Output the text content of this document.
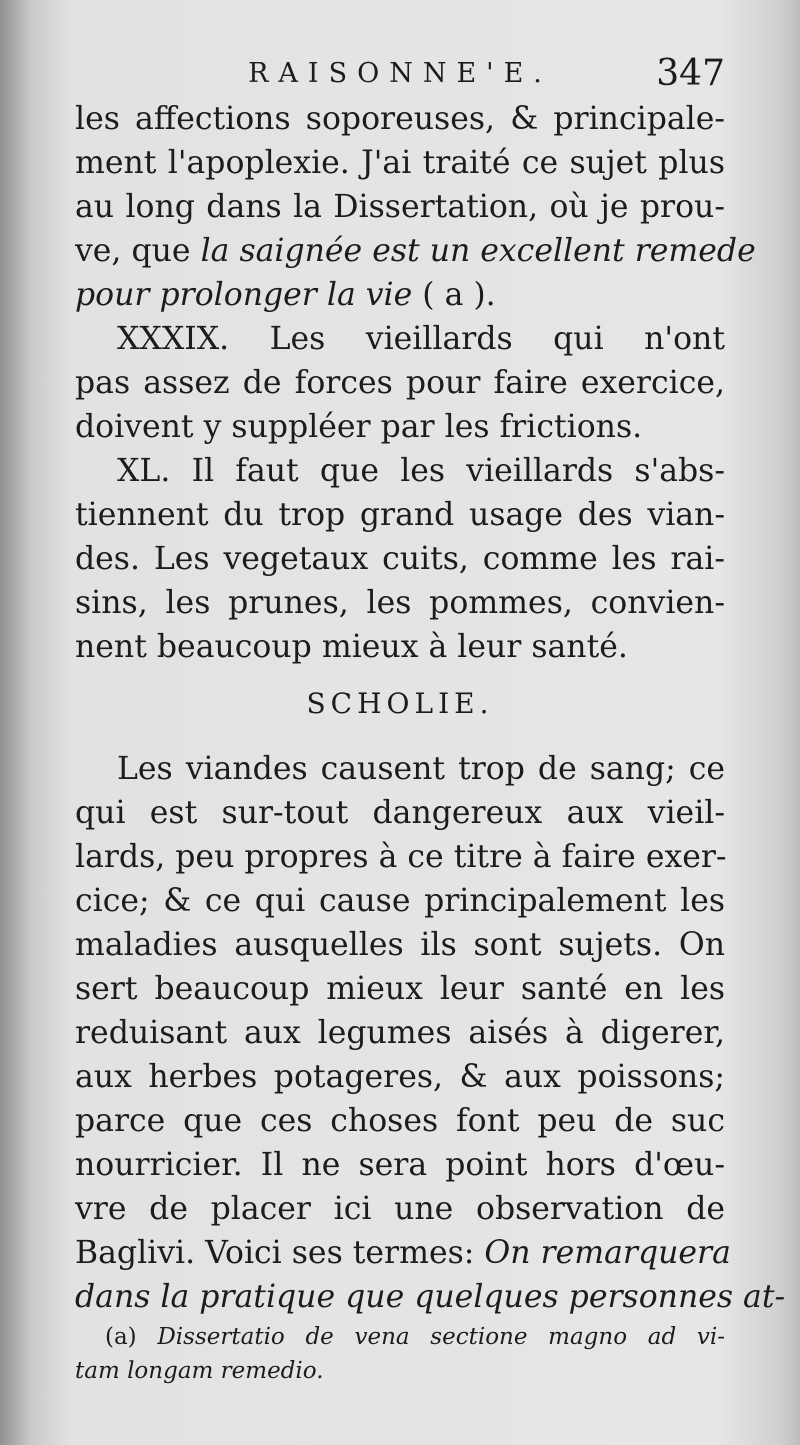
RAISONNE'E.	347
les affections soporeuses, & principale-
ment l'apoplexie. J'ai traité ce sujet plus
au long dans la Dissertation, où je prou-
ve, que la saignée est un excellent remede
pour prolonger la vie ( a ).
XXXIX. Les vieillards qui n'ont
pas assez de forces pour faire exercice,
doivent y suppléer par les frictions.
XL. Il faut que les vieillards s'abs-
tiennent du trop grand usage des vian-
des. Les vegetaux cuits, comme les rai-
sins, les prunes, les pommes, convien-
nent beaucoup mieux à leur santé.
SCHOLIE.
Les viandes causent trop de sang; ce
qui est sur-tout dangereux aux vieil-
lards, peu propres à ce titre à faire exer-
cice; & ce qui cause principalement les
maladies ausquelles ils sont sujets. On
sert beaucoup mieux leur santé en les
reduisant aux legumes aisés à digerer,
aux herbes potageres, & aux poissons;
parce que ces choses font peu de suc
nourricier. Il ne sera point hors d'œu-
vre de placer ici une observation de
Baglivi. Voici ses termes: On remarquera
dans la pratique que quelques personnes at-
(a) Dissertatio de vena sectione magno ad vi-
tam longam remedio.
